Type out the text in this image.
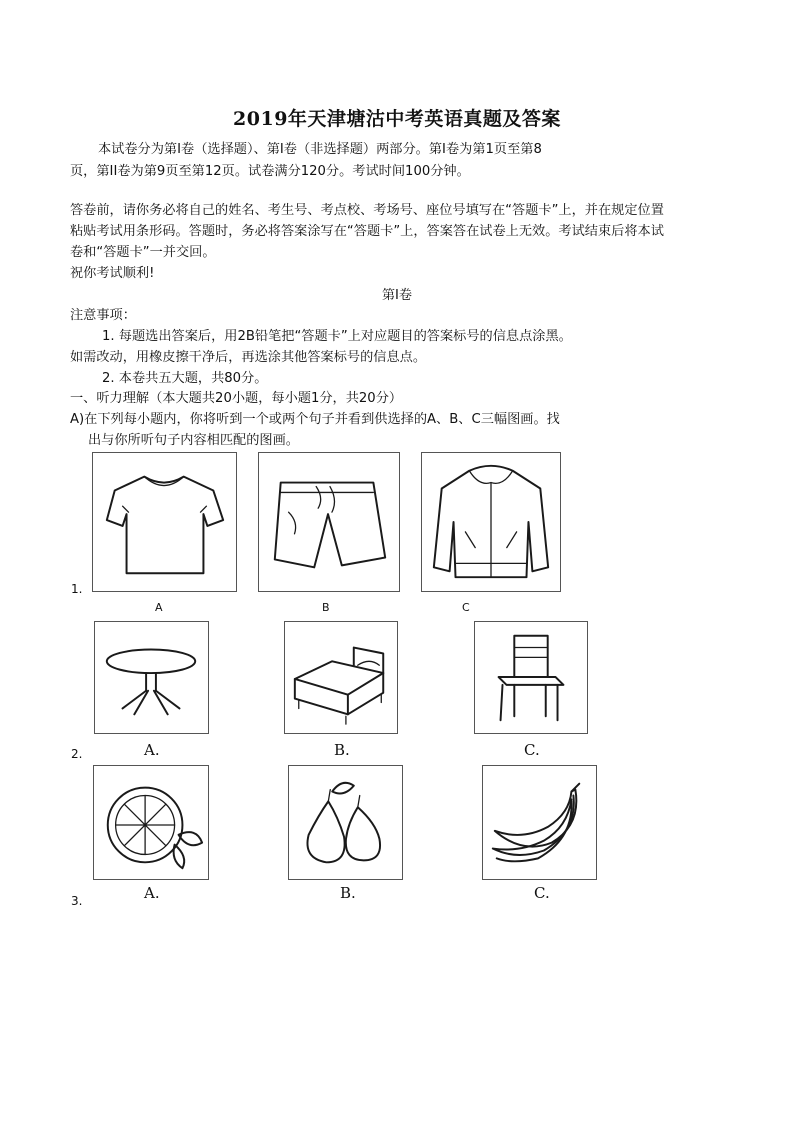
2019年天津塘沽中考英语真题及答案
本试卷分为第I卷（选择题）、第I卷（非选择题）两部分。第I卷为第1页至第8
页，第II卷为第9页至第12页。试卷满分120分。考试时间100分钟。
答卷前，请你务必将自己的姓名、考生号、考点校、考场号、座位号填写在“答题卡”上，并在规定位置
粘贴考试用条形码。答题时，务必将答案涂写在“答题卡”上，答案答在试卷上无效。考试结束后将本试
卷和“答题卡”一并交回。
祝你考试顺利!
第I卷
注意事项：
1. 每题选出答案后，用2B铅笔把“答题卡”上对应题目的答案标号的信息点涂黑。
如需改动，用橡皮擦干净后，再选涂其他答案标号的信息点。
2. 本卷共五大题，共80分。
一、听力理解（本大题共20小题，每小题1分，共20分）
A)在下列每小题内，你将听到一个或两个句子并看到供选择的A、B、C三幅图画。找
出与你所听句子内容相匹配的图画。
1.
A	B	C
2.	A.	B.	C.
3.	A.	B.	C.
